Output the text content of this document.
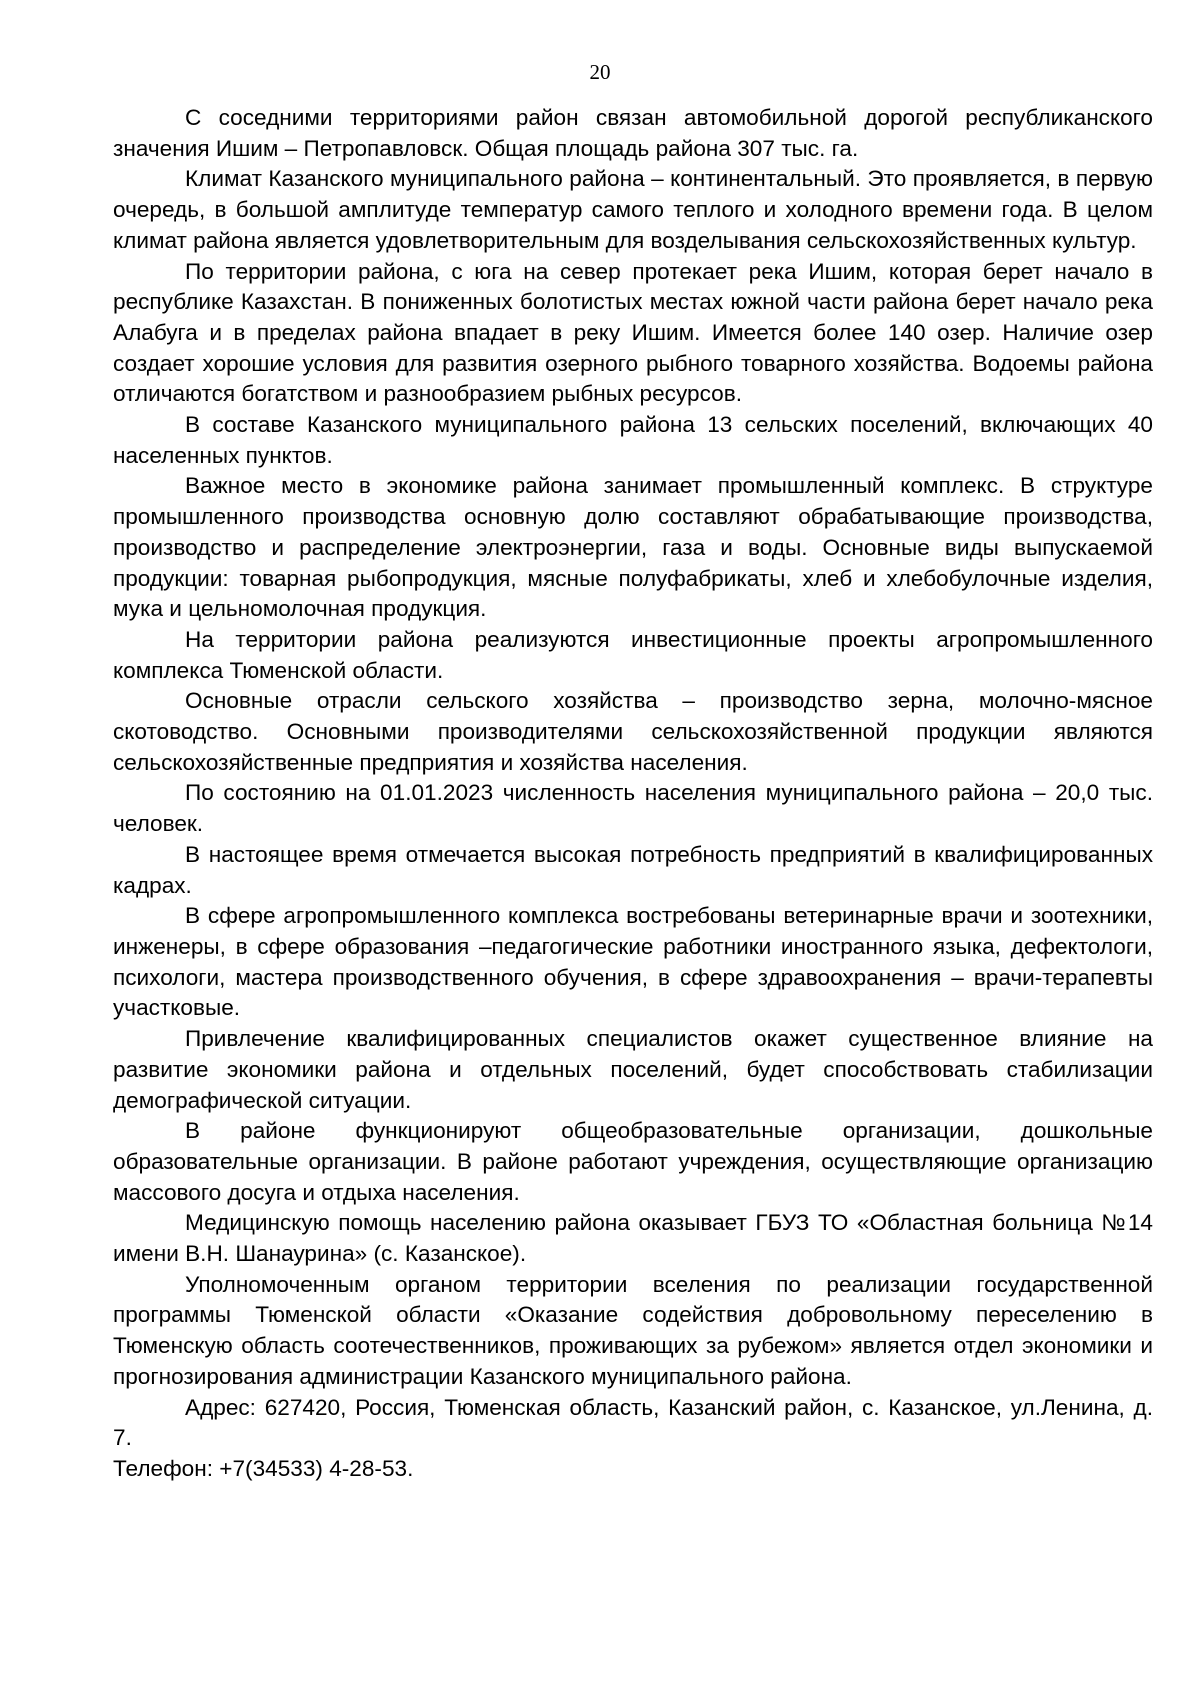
20

С соседними территориями район связан автомобильной дорогой республиканского значения Ишим – Петропавловск. Общая площадь района 307 тыс. га.

Климат Казанского муниципального района – континентальный. Это проявляется, в первую очередь, в большой амплитуде температур самого теплого и холодного времени года. В целом климат района является удовлетворительным для возделывания сельскохозяйственных культур.

По территории района, с юга на север протекает река Ишим, которая берет начало в республике Казахстан. В пониженных болотистых местах южной части района берет начало река Алабуга и в пределах района впадает в реку Ишим. Имеется более 140 озер. Наличие озер создает хорошие условия для развития озерного рыбного товарного хозяйства. Водоемы района отличаются богатством и разнообразием рыбных ресурсов.

В составе Казанского муниципального района 13 сельских поселений, включающих 40 населенных пунктов.

Важное место в экономике района занимает промышленный комплекс. В структуре промышленного производства основную долю составляют обрабатывающие производства, производство и распределение электроэнергии, газа и воды. Основные виды выпускаемой продукции: товарная рыбопродукция, мясные полуфабрикаты, хлеб и хлебобулочные изделия, мука и цельномолочная продукция.

На территории района реализуются инвестиционные проекты агропромышленного комплекса Тюменской области.

Основные отрасли сельского хозяйства – производство зерна, молочно-мясное скотоводство. Основными производителями сельскохозяйственной продукции являются сельскохозяйственные предприятия и хозяйства населения.

По состоянию на 01.01.2023 численность населения муниципального района – 20,0 тыс. человек.

В настоящее время отмечается высокая потребность предприятий в квалифицированных кадрах.

В сфере агропромышленного комплекса востребованы ветеринарные врачи и зоотехники, инженеры, в сфере образования –педагогические работники иностранного языка, дефектологи, психологи, мастера производственного обучения, в сфере здравоохранения – врачи-терапевты участковые.

Привлечение квалифицированных специалистов окажет существенное влияние на развитие экономики района и отдельных поселений, будет способствовать стабилизации демографической ситуации.

В районе функционируют общеобразовательные организации, дошкольные образовательные организации. В районе работают учреждения, осуществляющие организацию массового досуга и отдыха населения.

Медицинскую помощь населению района оказывает ГБУЗ ТО «Областная больница №14 имени В.Н. Шанаурина» (с. Казанское).

Уполномоченным органом территории вселения по реализации государственной программы Тюменской области «Оказание содействия добровольному переселению в Тюменскую область соотечественников, проживающих за рубежом» является отдел экономики и прогнозирования администрации Казанского муниципального района.

Адрес: 627420, Россия, Тюменская область, Казанский район, с. Казанское, ул.Ленина, д. 7.

Телефон: +7(34533) 4-28-53.
